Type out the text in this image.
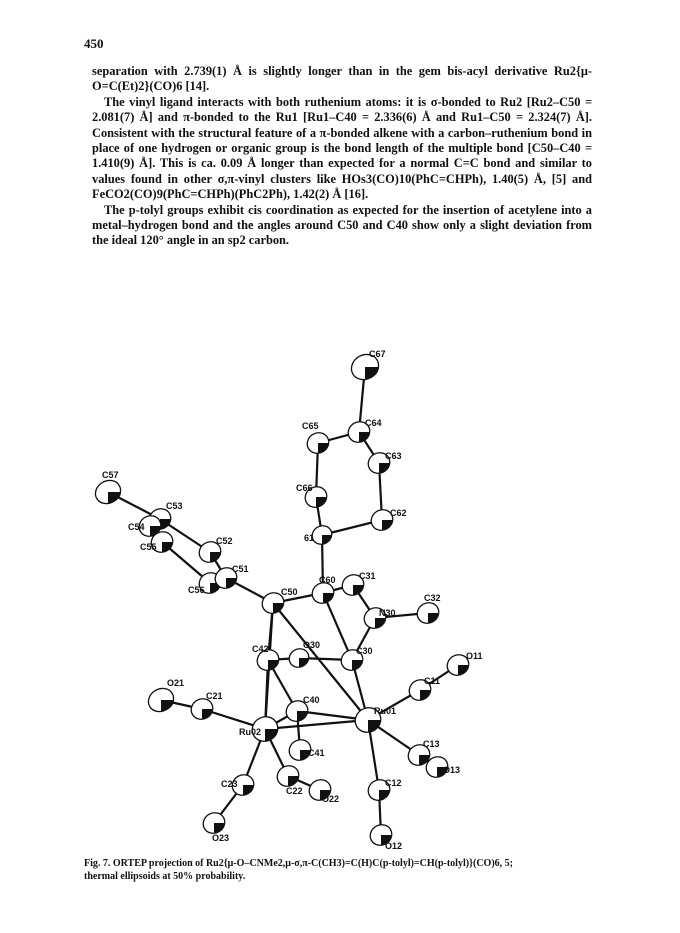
450

separation with 2.739(1) Å is slightly longer than in the gem bis-acyl derivative Ru2{μ-O=C(Et)2}(CO)6 [14].

The vinyl ligand interacts with both ruthenium atoms: it is σ-bonded to Ru2 [Ru2–C50 = 2.081(7) Å] and π-bonded to the Ru1 [Ru1–C40 = 2.336(6) Å and Ru1–C50 = 2.324(7) Å]. Consistent with the structural feature of a π-bonded alkene with a carbon–ruthenium bond in place of one hydrogen or organic group is the bond length of the multiple bond [C50–C40 = 1.410(9) Å]. This is ca. 0.09 Å longer than expected for a normal C=C bond and similar to values found in other σ,π-vinyl clusters like HOs3(CO)10(PhC=CHPh), 1.40(5) Å, [5] and FeCO2(CO)9(PhC=CHPh)(PhC2Ph), 1.42(2) Å [16].

The p-tolyl groups exhibit cis coordination as expected for the insertion of acetylene into a metal–hydrogen bond and the angles around C50 and C40 show only a slight deviation from the ideal 120° angle in an sp2 carbon.

C67
C64
C65
C63
C66
C62
61
C57
C53
C54
C55
C52
C56
C51
C50
C60	C31
N30
C32
C42	O30
C30	O11
C11
O21
C21	C40
Ru01
Ru02
C41
C22
C13
O13
C23
O22
C12
O23
O12
Fig. 7. ORTEP projection of Ru2{μ-O–CNMe2,μ-σ,π-C(CH3)=C(H)C(p-tolyl)=CH(p-tolyl)}(CO)6, 5;
thermal ellipsoids at 50% probability.
